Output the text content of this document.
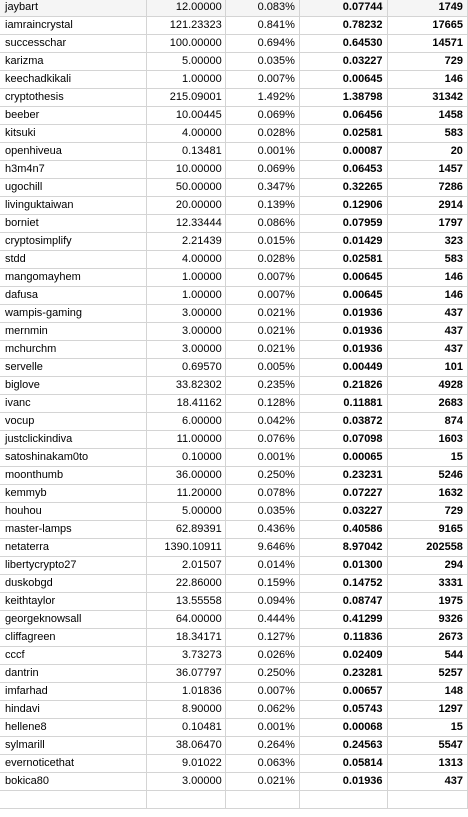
jaybart	12.00000	0.083%	0.07744	1749	
iamraincrystal	121.23323	0.841%	0.78232	17665	
successchar	100.00000	0.694%	0.64530	14571	
karizma	5.00000	0.035%	0.03227	729	
keechadkikali	1.00000	0.007%	0.00645	146	
cryptothesis	215.09001	1.492%	1.38798	31342	
beeber	10.00445	0.069%	0.06456	1458	
kitsuki	4.00000	0.028%	0.02581	583	
openhiveua	0.13481	0.001%	0.00087	20	
h3m4n7	10.00000	0.069%	0.06453	1457	
ugochill	50.00000	0.347%	0.32265	7286	
livinguktaiwan	20.00000	0.139%	0.12906	2914	
borniet	12.33444	0.086%	0.07959	1797	
cryptosimplify	2.21439	0.015%	0.01429	323	
stdd	4.00000	0.028%	0.02581	583	
mangomayhem	1.00000	0.007%	0.00645	146	
dafusa	1.00000	0.007%	0.00645	146	
wampis-gaming	3.00000	0.021%	0.01936	437	
mernmin	3.00000	0.021%	0.01936	437	
mchurchm	3.00000	0.021%	0.01936	437	
servelle	0.69570	0.005%	0.00449	101	
biglove	33.82302	0.235%	0.21826	4928	
ivanc	18.41162	0.128%	0.11881	2683	
vocup	6.00000	0.042%	0.03872	874	
justclickindiva	11.00000	0.076%	0.07098	1603	
satoshinakam0to	0.10000	0.001%	0.00065	15	
moonthumb	36.00000	0.250%	0.23231	5246	
kemmyb	11.20000	0.078%	0.07227	1632	
houhou	5.00000	0.035%	0.03227	729	
master-lamps	62.89391	0.436%	0.40586	9165	
netaterra	1390.10911	9.646%	8.97042	202558	
libertycrypto27	2.01507	0.014%	0.01300	294	
duskobgd	22.86000	0.159%	0.14752	3331	
keithtaylor	13.55558	0.094%	0.08747	1975	
georgeknowsall	64.00000	0.444%	0.41299	9326	
cliffagreen	18.34171	0.127%	0.11836	2673	
cccf	3.73273	0.026%	0.02409	544	
dantrin	36.07797	0.250%	0.23281	5257	
imfarhad	1.01836	0.007%	0.00657	148	
hindavi	8.90000	0.062%	0.05743	1297	
hellene8	0.10481	0.001%	0.00068	15	
sylmarill	38.06470	0.264%	0.24563	5547	
evernoticethat	9.01022	0.063%	0.05814	1313	
bokica80	3.00000	0.021%	0.01936	437	
